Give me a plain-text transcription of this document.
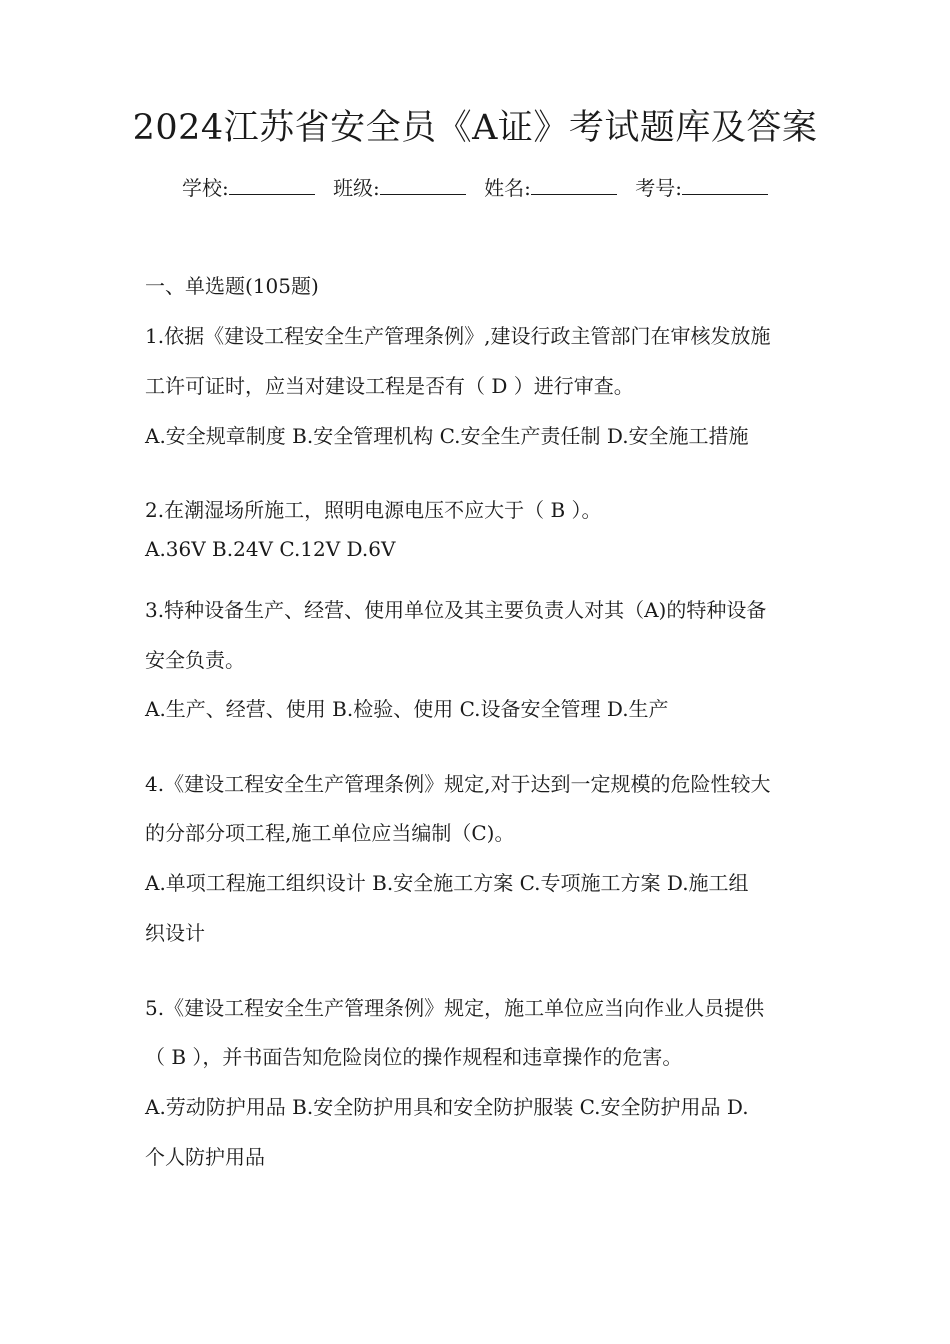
2024江苏省安全员《A证》考试题库及答案
学校:	班级:	姓名:	考号:
一、单选题(105题)
1.依据《建设工程安全生产管理条例》,建设行政主管部门在审核发放施
工许可证时，应当对建设工程是否有（ D ）进行审查。
A.安全规章制度 B.安全管理机构 C.安全生产责任制 D.安全施工措施
2.在潮湿场所施工，照明电源电压不应大于（ B ）。
A.36V B.24V C.12V D.6V
3.特种设备生产、经营、使用单位及其主要负责人对其（A)的特种设备
安全负责。
A.生产、经营、使用 B.检验、使用 C.设备安全管理 D.生产
4.《建设工程安全生产管理条例》规定,对于达到一定规模的危险性较大
的分部分项工程,施工单位应当编制（C)。
A.单项工程施工组织设计 B.安全施工方案 C.专项施工方案 D.施工组
织设计
5.《建设工程安全生产管理条例》规定，施工单位应当向作业人员提供
（ B ），并书面告知危险岗位的操作规程和违章操作的危害。
A.劳动防护用品 B.安全防护用具和安全防护服装 C.安全防护用品 D.
个人防护用品
